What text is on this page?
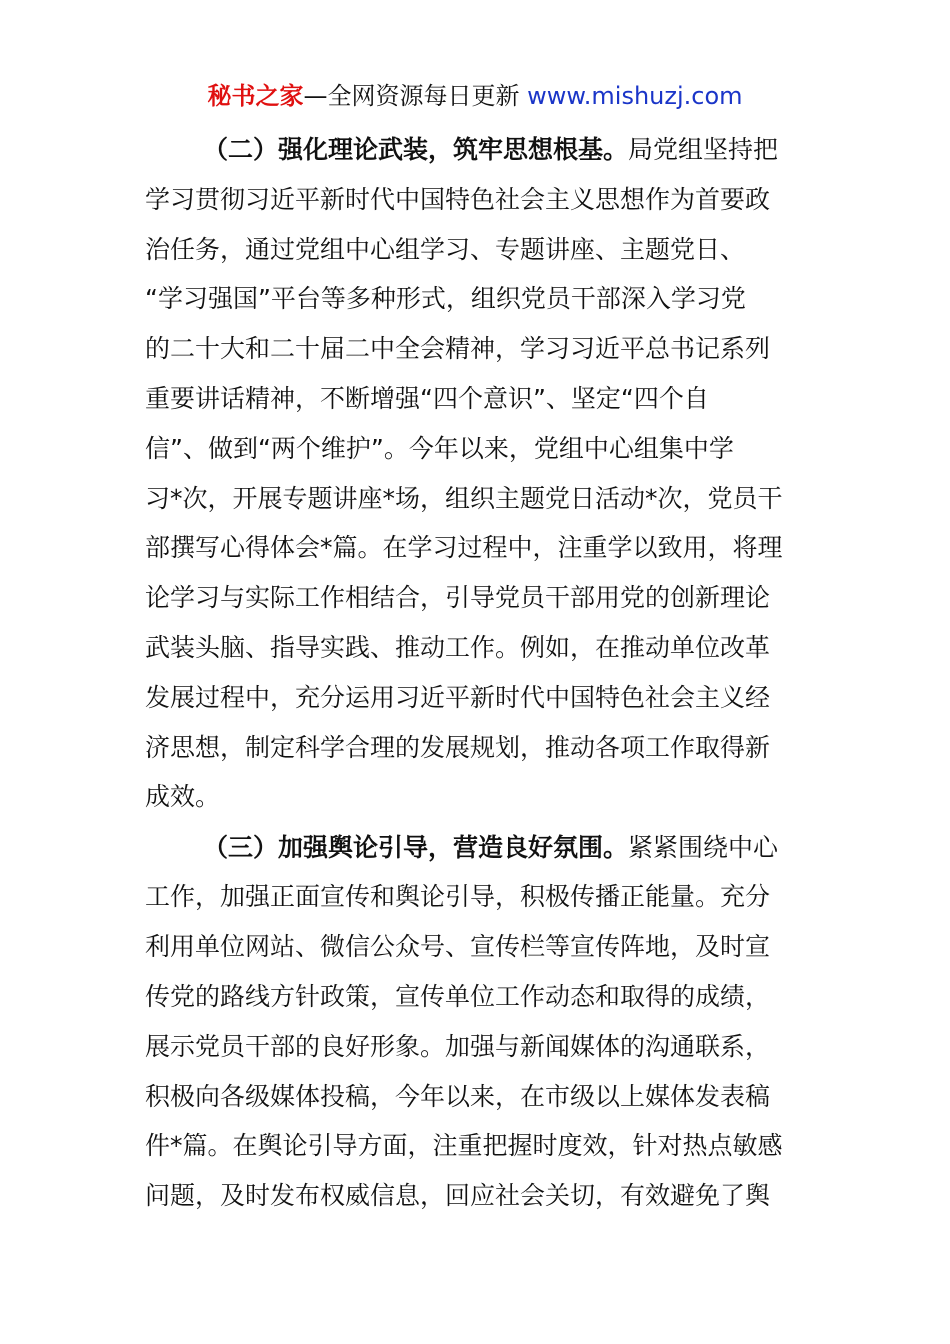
秘书之家—全网资源每日更新 www.mishuzj.com
（二）强化理论武装，筑牢思想根基。局党组坚持把
学习贯彻习近平新时代中国特色社会主义思想作为首要政
治任务，通过党组中心组学习、专题讲座、主题党日、
“学习强国”平台等多种形式，组织党员干部深入学习党
的二十大和二十届二中全会精神，学习习近平总书记系列
重要讲话精神，不断增强“四个意识”、坚定“四个自
信”、做到“两个维护”。今年以来，党组中心组集中学
习*次，开展专题讲座*场，组织主题党日活动*次，党员干
部撰写心得体会*篇。在学习过程中，注重学以致用，将理
论学习与实际工作相结合，引导党员干部用党的创新理论
武装头脑、指导实践、推动工作。例如，在推动单位改革
发展过程中，充分运用习近平新时代中国特色社会主义经
济思想，制定科学合理的发展规划，推动各项工作取得新
成效。
（三）加强舆论引导，营造良好氛围。紧紧围绕中心
工作，加强正面宣传和舆论引导，积极传播正能量。充分
利用单位网站、微信公众号、宣传栏等宣传阵地，及时宣
传党的路线方针政策，宣传单位工作动态和取得的成绩，
展示党员干部的良好形象。加强与新闻媒体的沟通联系，
积极向各级媒体投稿，今年以来，在市级以上媒体发表稿
件*篇。在舆论引导方面，注重把握时度效，针对热点敏感
问题，及时发布权威信息，回应社会关切，有效避免了舆
